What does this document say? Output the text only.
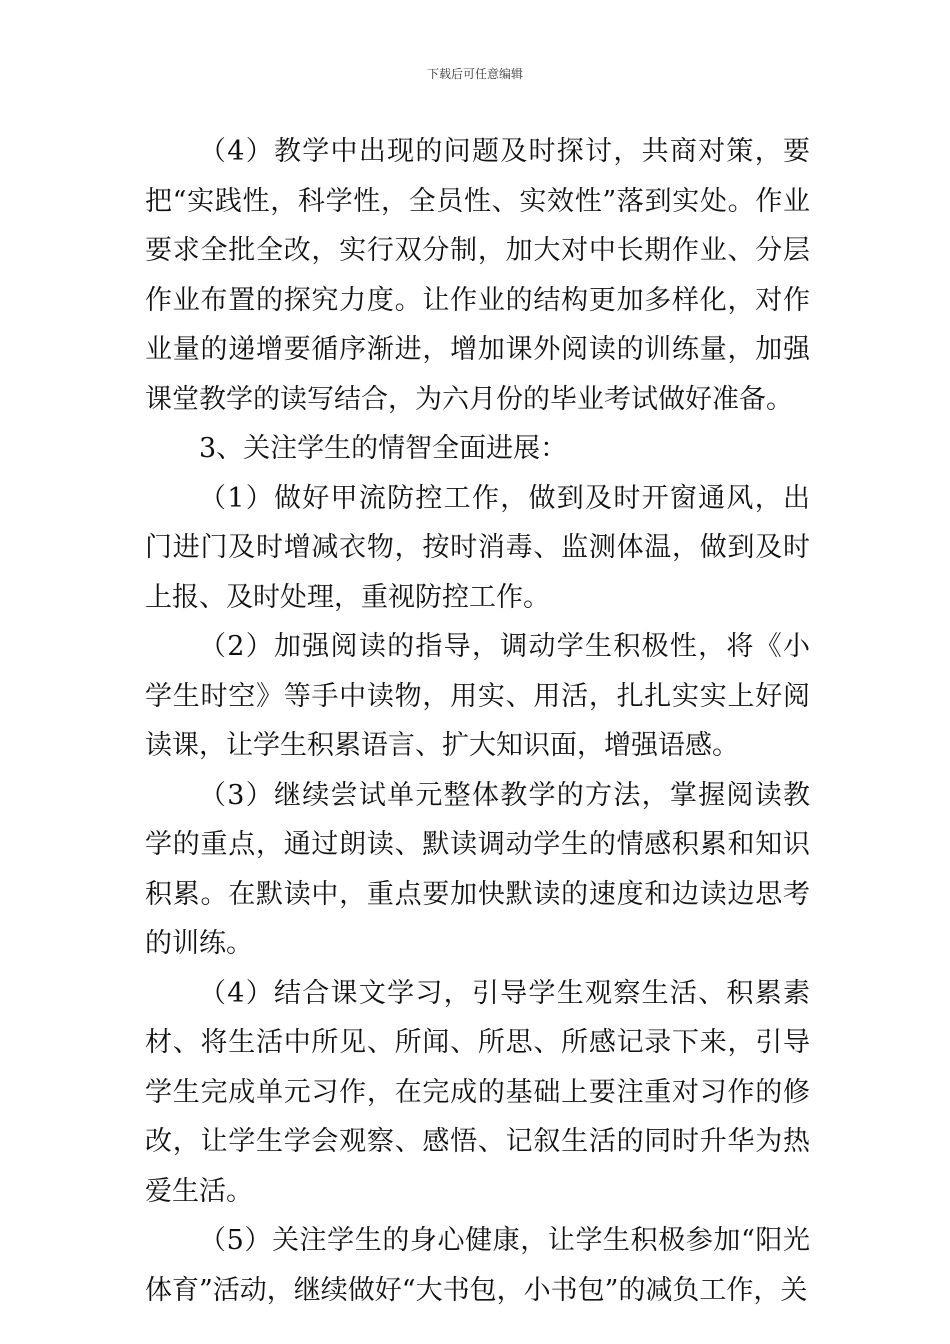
下载后可任意编辑

（4）教学中出现的问题及时探讨，共商对策，要把“实践性，科学性，全员性、实效性”落到实处。作业要求全批全改，实行双分制，加大对中长期作业、分层作业布置的探究力度。让作业的结构更加多样化，对作业量的递增要循序渐进，增加课外阅读的训练量，加强课堂教学的读写结合，为六月份的毕业考试做好准备。

3、关注学生的情智全面进展：

（1）做好甲流防控工作，做到及时开窗通风，出门进门及时增减衣物，按时消毒、监测体温，做到及时上报、及时处理，重视防控工作。

（2）加强阅读的指导，调动学生积极性，将《小学生时空》等手中读物，用实、用活，扎扎实实上好阅读课，让学生积累语言、扩大知识面，增强语感。

（3）继续尝试单元整体教学的方法，掌握阅读教学的重点，通过朗读、默读调动学生的情感积累和知识积累。在默读中，重点要加快默读的速度和边读边思考的训练。

（4）结合课文学习，引导学生观察生活、积累素材、将生活中所见、所闻、所思、所感记录下来，引导学生完成单元习作，在完成的基础上要注重对习作的修改，让学生学会观察、感悟、记叙生活的同时升华为热爱生活。

（5）关注学生的身心健康，让学生积极参加“阳光体育”活动，继续做好“大书包，小书包”的减负工作，关
